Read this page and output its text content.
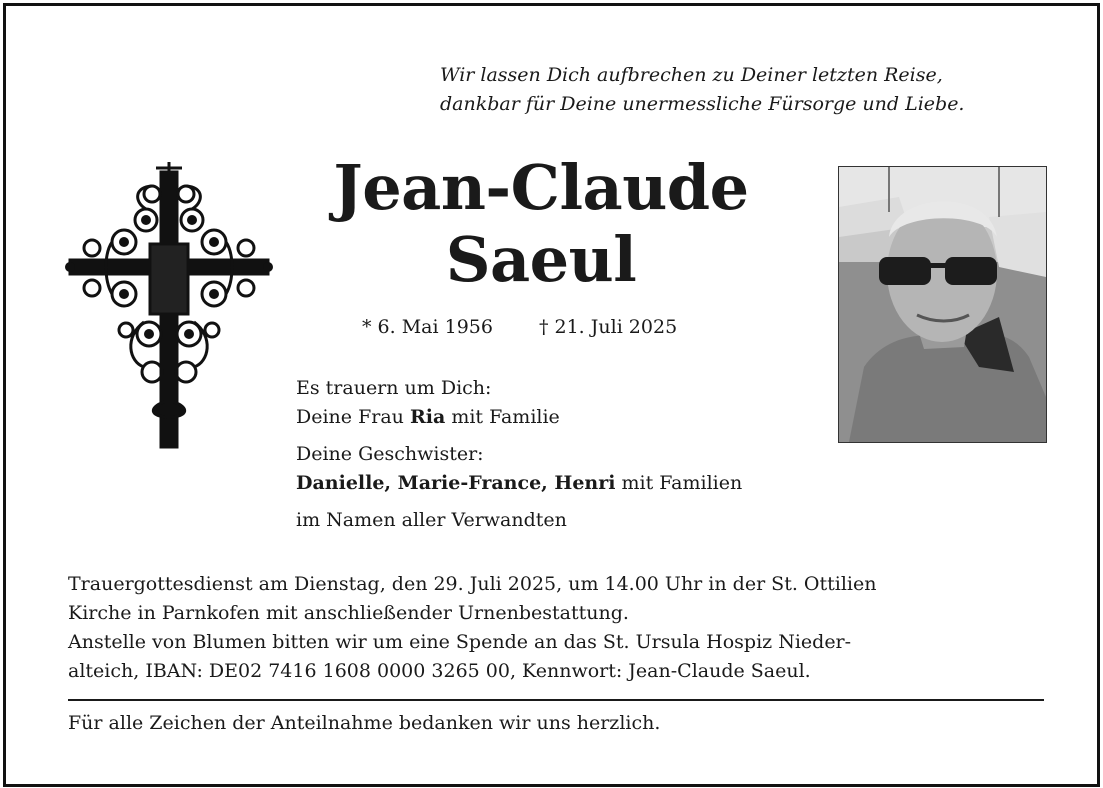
Wir lassen Dich aufbrechen zu Deiner letzten Reise,
dankbar für Deine unermessliche Fürsorge und Liebe.
Jean-Claude
Saeul
* 6. Mai 1956 † 21. Juli 2025
Es trauern um Dich:
Deine Frau Ria mit Familie
Deine Geschwister:
Danielle, Marie-France, Henri mit Familien
im Namen aller Verwandten
Trauergottesdienst am Dienstag, den 29. Juli 2025, um 14.00 Uhr in der St. Ottilien
Kirche in Parnkofen mit anschließender Urnenbestattung.
Anstelle von Blumen bitten wir um eine Spende an das St. Ursula Hospiz Nieder-
alteich, IBAN: DE02 7416 1608 0000 3265 00, Kennwort: Jean-Claude Saeul.
Für alle Zeichen der Anteilnahme bedanken wir uns herzlich.
